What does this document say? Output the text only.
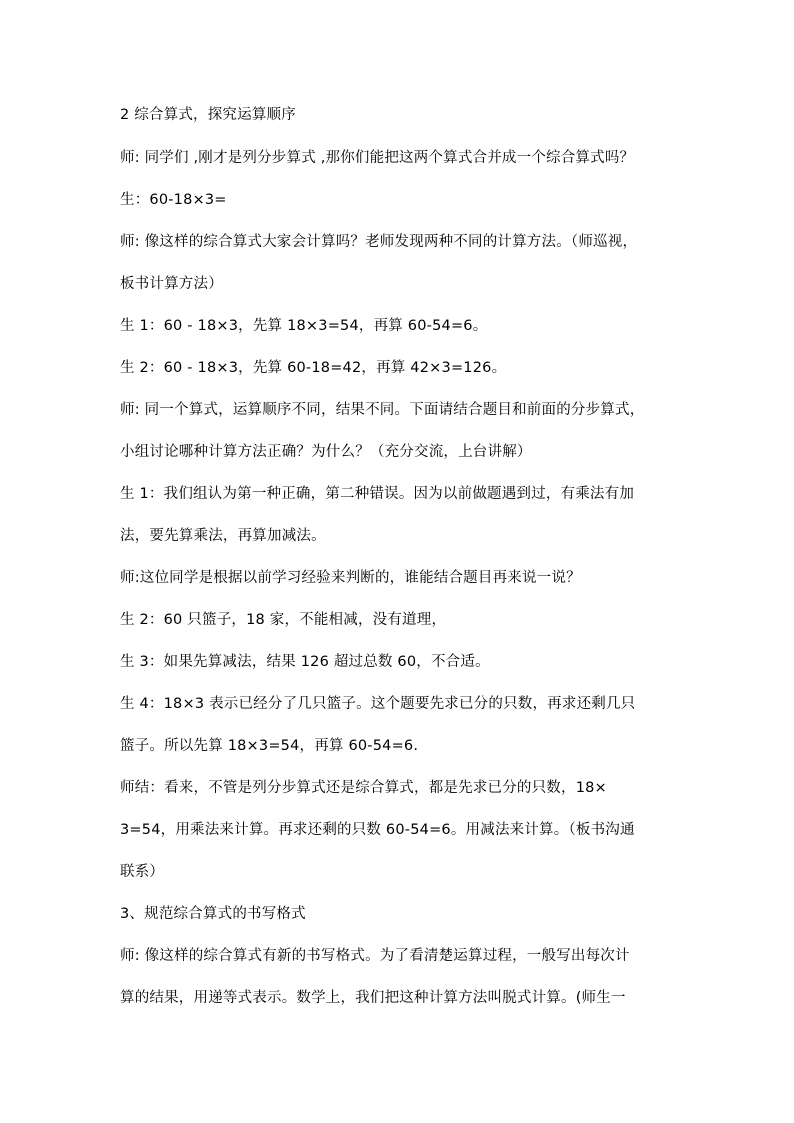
2 综合算式，探究运算顺序
师: 同学们 ,刚才是列分步算式 ,那你们能把这两个算式合并成一个综合算式吗？
生：60-18×3=
师: 像这样的综合算式大家会计算吗？老师发现两种不同的计算方法。（师巡视，
板书计算方法）
生 1：60 - 18×3，先算 18×3=54，再算 60-54=6。
生 2：60 - 18×3，先算 60-18=42，再算 42×3=126。
师: 同一个算式，运算顺序不同，结果不同。下面请结合题目和前面的分步算式，
小组讨论哪种计算方法正确？为什么？（充分交流，上台讲解）
生 1：我们组认为第一种正确，第二种错误。因为以前做题遇到过，有乘法有加
法，要先算乘法，再算加减法。
师:这位同学是根据以前学习经验来判断的，谁能结合题目再来说一说？
生 2：60 只篮子，18 家，不能相减，没有道理，
生 3：如果先算减法，结果 126 超过总数 60，不合适。
生 4：18×3 表示已经分了几只篮子。这个题要先求已分的只数，再求还剩几只
篮子。所以先算 18×3=54，再算 60-54=6.
师结：看来，不管是列分步算式还是综合算式，都是先求已分的只数，18×
3=54，用乘法来计算。再求还剩的只数 60-54=6。用减法来计算。（板书沟通
联系）
3、规范综合算式的书写格式
师: 像这样的综合算式有新的书写格式。为了看清楚运算过程，一般写出每次计
算的结果，用递等式表示。数学上，我们把这种计算方法叫脱式计算。(师生一
